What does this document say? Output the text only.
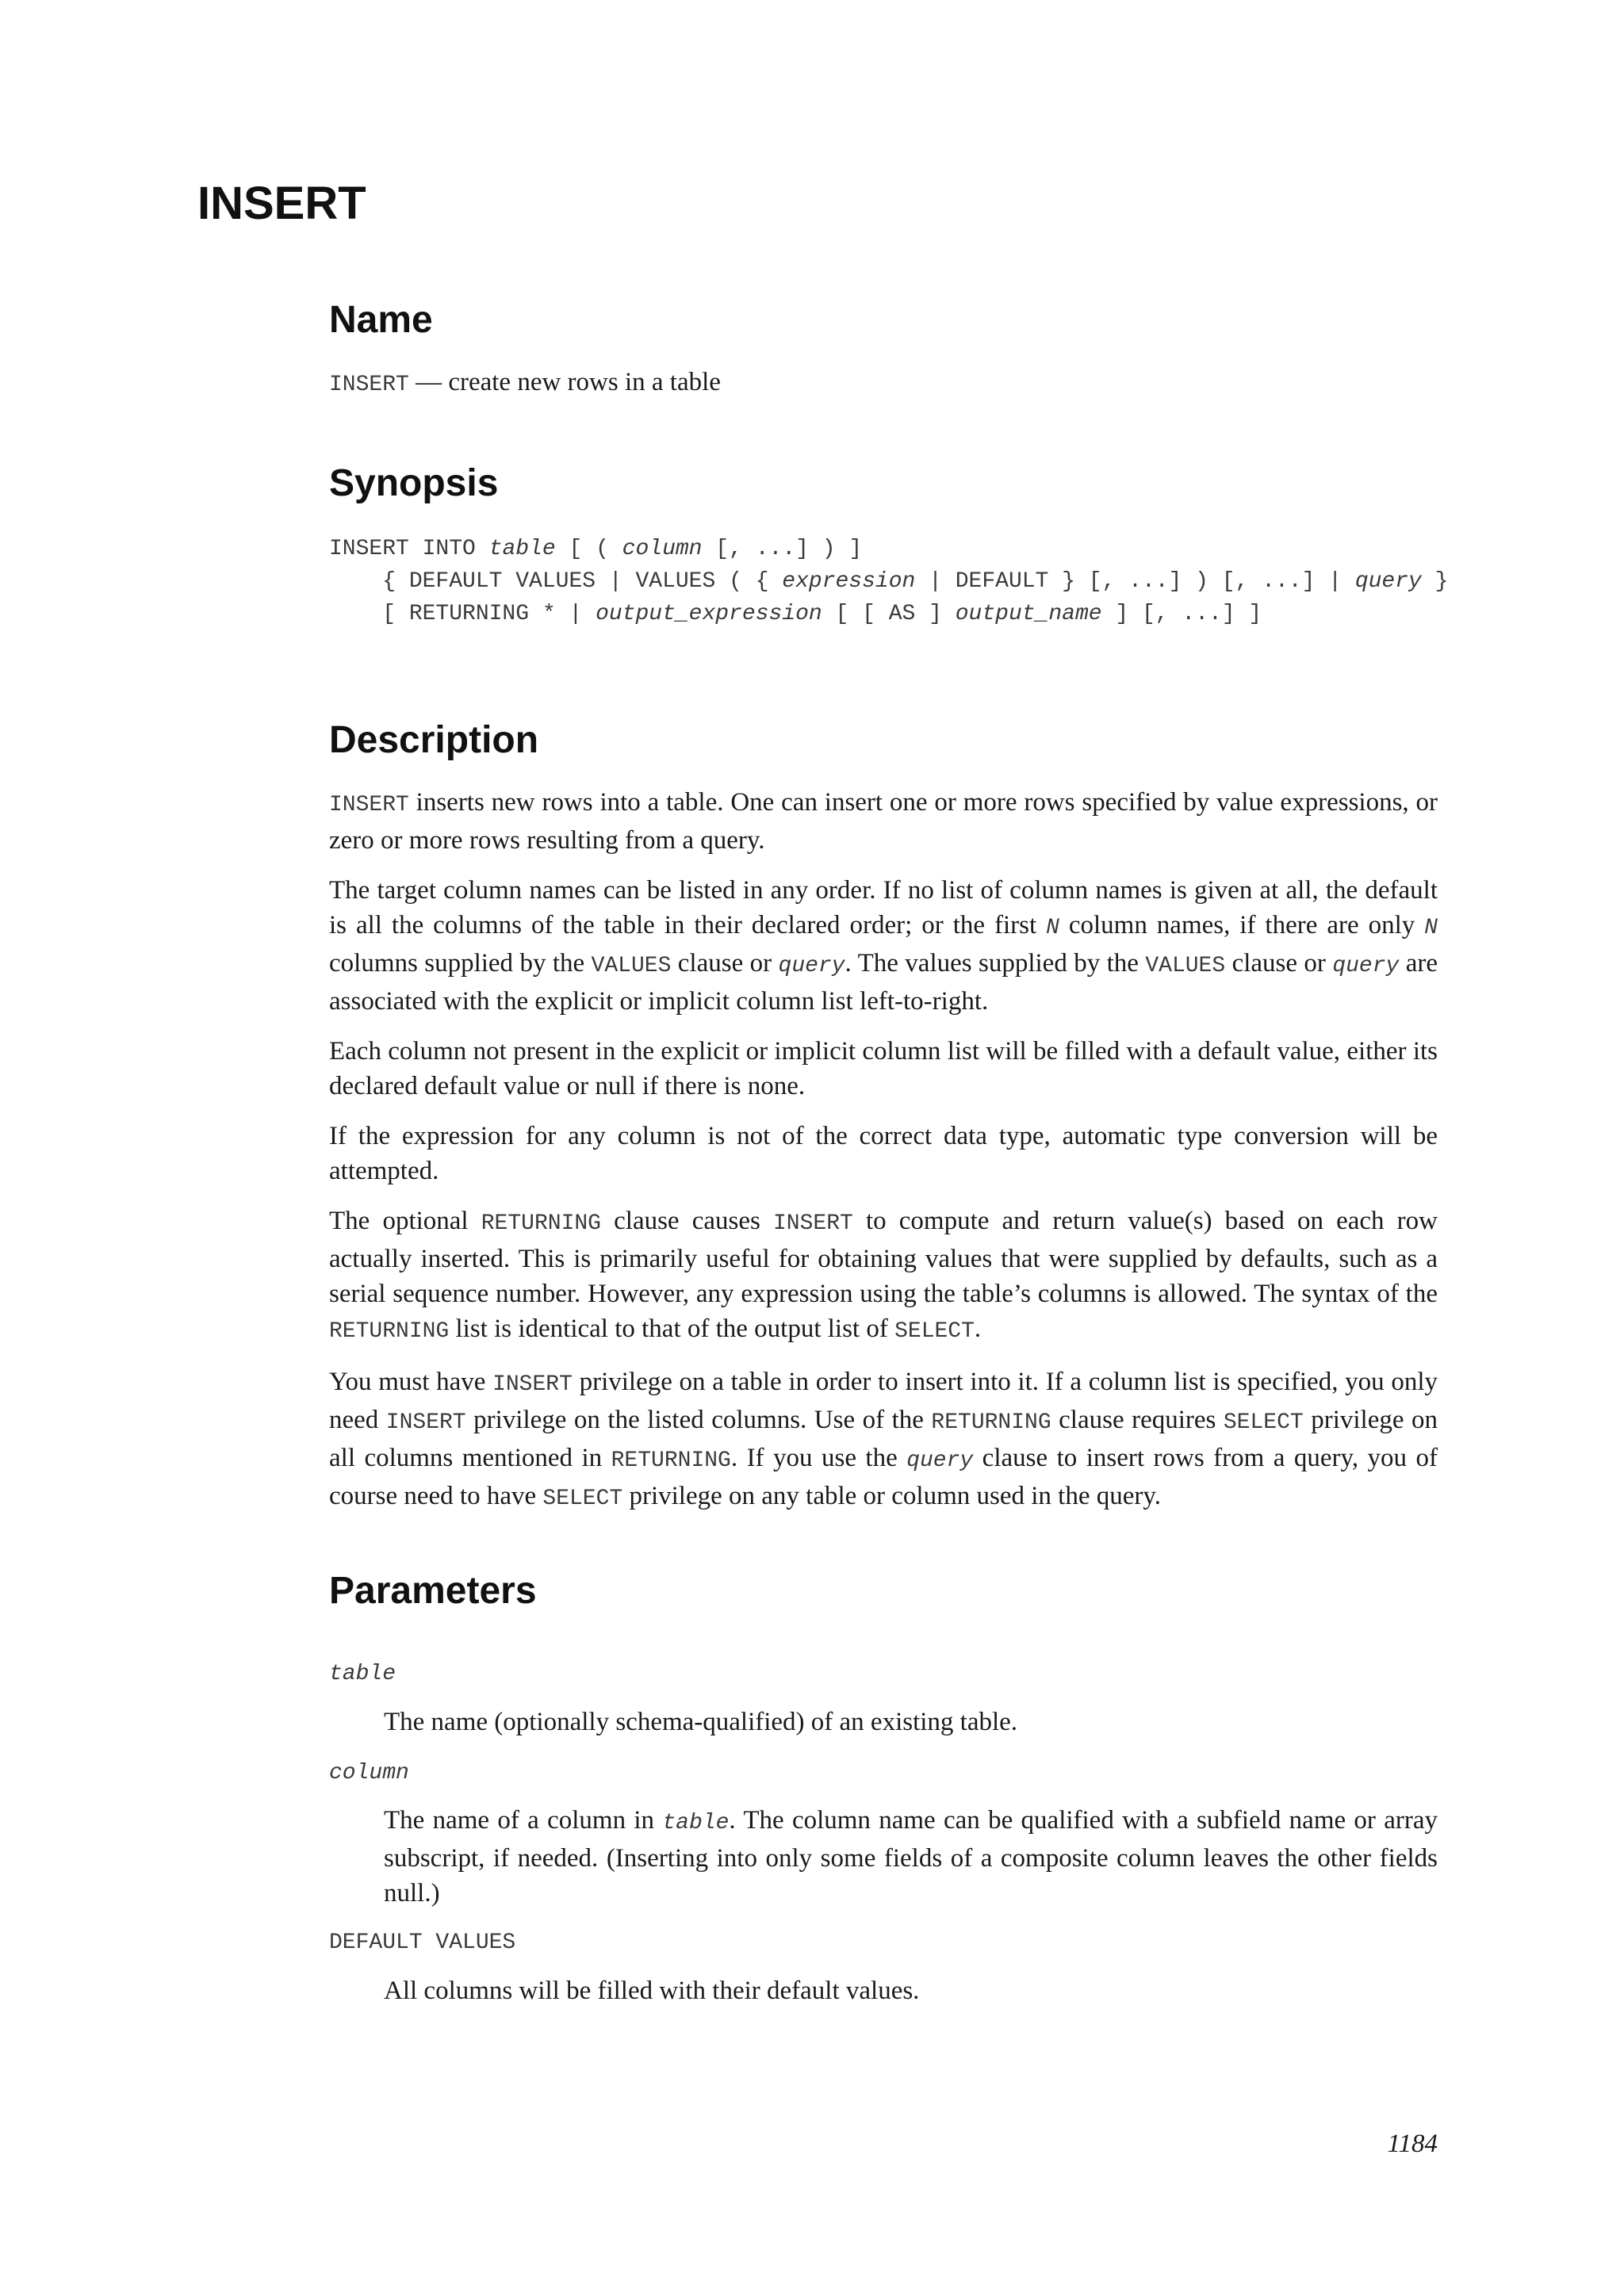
INSERT
Name
INSERT — create new rows in a table
Synopsis
INSERT INTO table [ ( column [, ...] ) ]
{ DEFAULT VALUES | VALUES ( { expression | DEFAULT } [, ...] ) [, ...] | query }
[ RETURNING * | output_expression [ [ AS ] output_name ] [, ...] ]
Description

INSERT inserts new rows into a table. One can insert one or more rows specified by value expressions, or zero or more rows resulting from a query.

The target column names can be listed in any order. If no list of column names is given at all, the default is all the columns of the table in their declared order; or the first N column names, if there are only N columns supplied by the VALUES clause or query. The values supplied by the VALUES clause or query are associated with the explicit or implicit column list left-to-right.

Each column not present in the explicit or implicit column list will be filled with a default value, either its declared default value or null if there is none.

If the expression for any column is not of the correct data type, automatic type conversion will be attempted.

The optional RETURNING clause causes INSERT to compute and return value(s) based on each row actually inserted. This is primarily useful for obtaining values that were supplied by defaults, such as a serial sequence number. However, any expression using the table’s columns is allowed. The syntax of the RETURNING list is identical to that of the output list of SELECT.

You must have INSERT privilege on a table in order to insert into it. If a column list is specified, you only need INSERT privilege on the listed columns. Use of the RETURNING clause requires SELECT privilege on all columns mentioned in RETURNING. If you use the query clause to insert rows from a query, you of course need to have SELECT privilege on any table or column used in the query.

Parameters
table
The name (optionally schema-qualified) of an existing table.
column
The name of a column in table. The column name can be qualified with a subfield name or array subscript, if needed. (Inserting into only some fields of a composite column leaves the other fields null.)
DEFAULT VALUES
All columns will be filled with their default values.
1184
